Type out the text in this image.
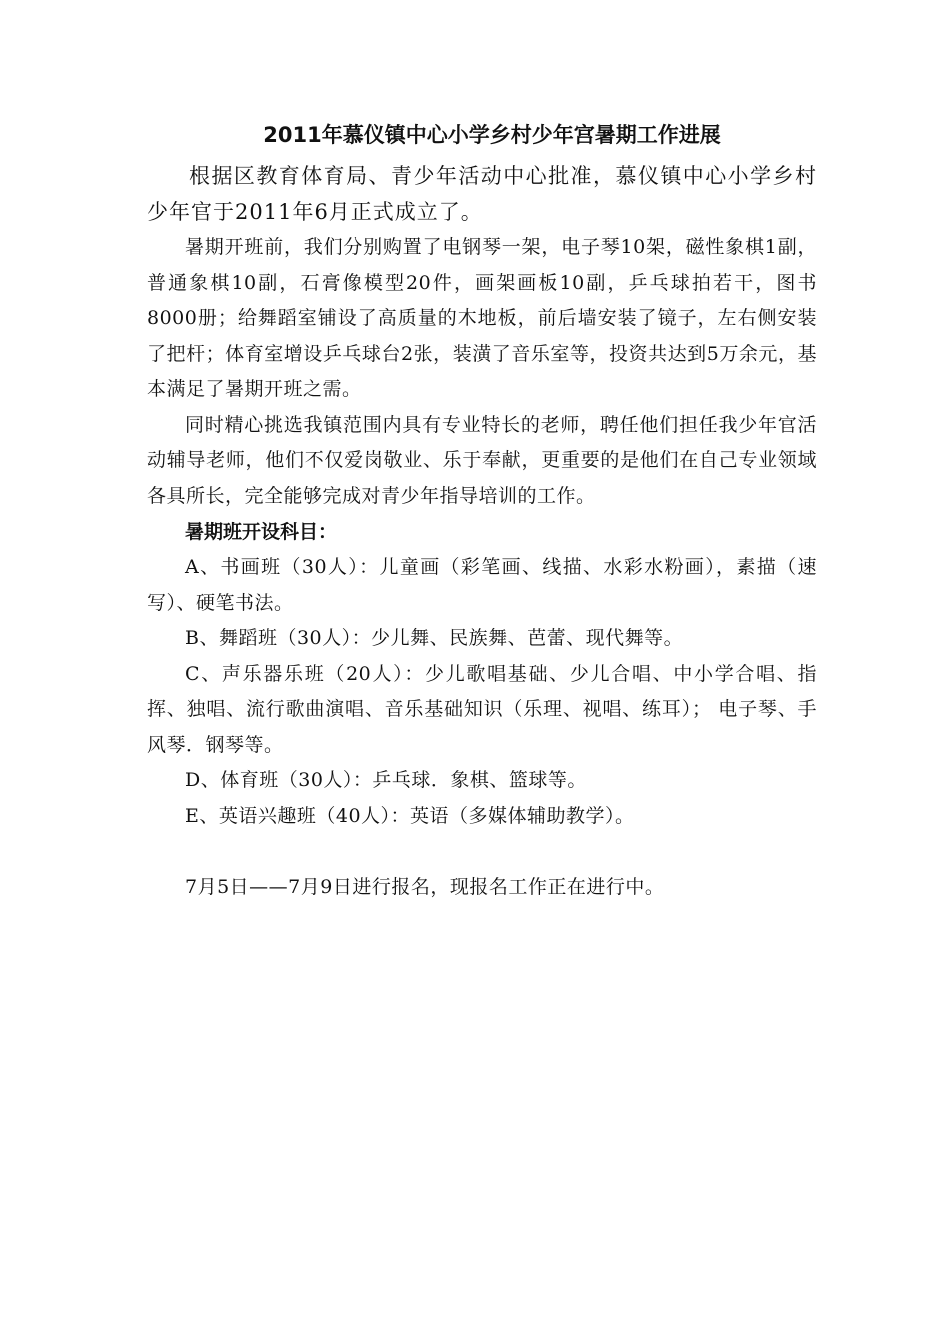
2011年慕仪镇中心小学乡村少年宫暑期工作进展

根据区教育体育局、青少年活动中心批准，慕仪镇中心小学乡村少年官于2011年6月正式成立了。

暑期开班前，我们分别购置了电钢琴一架，电子琴10架，磁性象棋1副，普通象棋10副，石膏像模型20件，画架画板10副，乒乓球拍若干，图书8000册；给舞蹈室铺设了高质量的木地板，前后墙安装了镜子，左右侧安装了把杆；体育室增设乒乓球台2张，装潢了音乐室等，投资共达到5万余元，基本满足了暑期开班之需。

同时精心挑选我镇范围内具有专业特长的老师，聘任他们担任我少年官活动辅导老师，他们不仅爱岗敬业、乐于奉献，更重要的是他们在自己专业领域各具所长，完全能够完成对青少年指导培训的工作。

暑期班开设科目：

A、书画班（30人）：儿童画（彩笔画、线描、水彩水粉画），素描（速写）、硬笔书法。

B、舞蹈班（30人）：少儿舞、民族舞、芭蕾、现代舞等。

C、声乐器乐班（20人）：少儿歌唱基础、少儿合唱、中小学合唱、指挥、独唱、流行歌曲演唱、音乐基础知识（乐理、视唱、练耳）； 电子琴、手风琴．钢琴等。

D、体育班（30人）：乒乓球．象棋、篮球等。

E、英语兴趣班（40人）：英语（多媒体辅助教学）。

7月5日——7月9日进行报名，现报名工作正在进行中。
